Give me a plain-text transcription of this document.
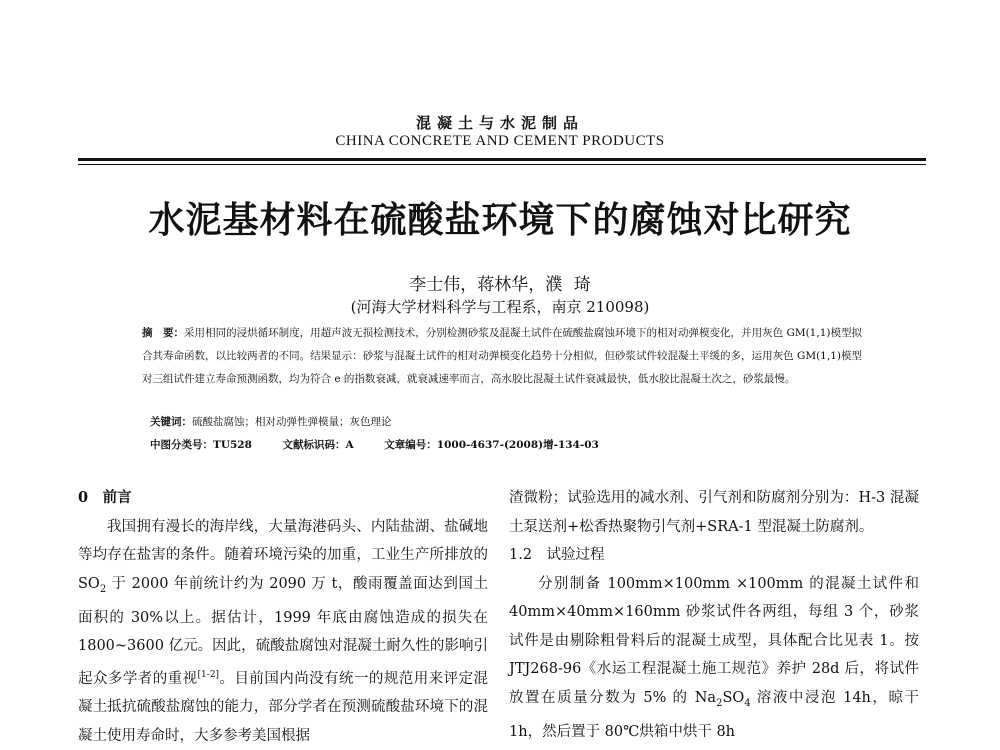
混凝土与水泥制品
CHINA CONCRETE AND CEMENT PRODUCTS
水泥基材料在硫酸盐环境下的腐蚀对比研究
李士伟，蒋林华，濮 琦
(河海大学材料科学与工程系，南京 210098)
摘　要：采用相同的浸烘循环制度，用超声波无损检测技术，分别检测砂浆及混凝土试件在硫酸盐腐蚀环境下的相对动弹模变化，并用灰色 GM(1,1)模型拟合其寿命函数，以比较两者的不同。结果显示：砂浆与混凝土试件的相对动弹模变化趋势十分相似，但砂浆试件较混凝土平缓的多，运用灰色 GM(1,1)模型对三组试件建立寿命预测函数，均为符合 e 的指数衰减，就衰减速率而言，高水胶比混凝土试件衰减最快，低水胶比混凝土次之，砂浆最慢。
关键词：硫酸盐腐蚀；相对动弹性弹模量；灰色理论
中图分类号：TU528	文献标识码：A	文章编号：1000-4637-(2008)增-134-03

0　前言

我国拥有漫长的海岸线，大量海港码头、内陆盐湖、盐碱地等均存在盐害的条件。随着环境污染的加重，工业生产所排放的 $SO_2$ 于 2000 年前统计约为 2090 万 t，酸雨覆盖面达到国土面积的 30%以上。据估计，1999 年底由腐蚀造成的损失在 1800~3600 亿元。因此，硫酸盐腐蚀对混凝土耐久性的影响引起众多学者的重视[1-2]。目前国内尚没有统一的规范用来评定混凝土抵抗硫酸盐腐蚀的能力，部分学者在预测硫酸盐环境下的混凝土使用寿命时，大多参考美国根据

渣微粉；试验选用的减水剂、引气剂和防腐剂分别为：H-3 混凝土泵送剂+松香热聚物引气剂+SRA-1 型混凝土防腐剂。

1.2　试验过程

分别制备 100mm×100mm ×100mm 的混凝土试件和 40mm×40mm×160mm 砂浆试件各两组，每组 3 个，砂浆试件是由剔除粗骨料后的混凝土成型，具体配合比见表 1。按 JTJ268-96《水运工程混凝土施工规范》养护 28d 后，将试件放置在质量分数为 5% 的 $Na_2SO_4$ 溶液中浸泡 14h，晾干 1h，然后置于 80℃烘箱中烘干 8h
